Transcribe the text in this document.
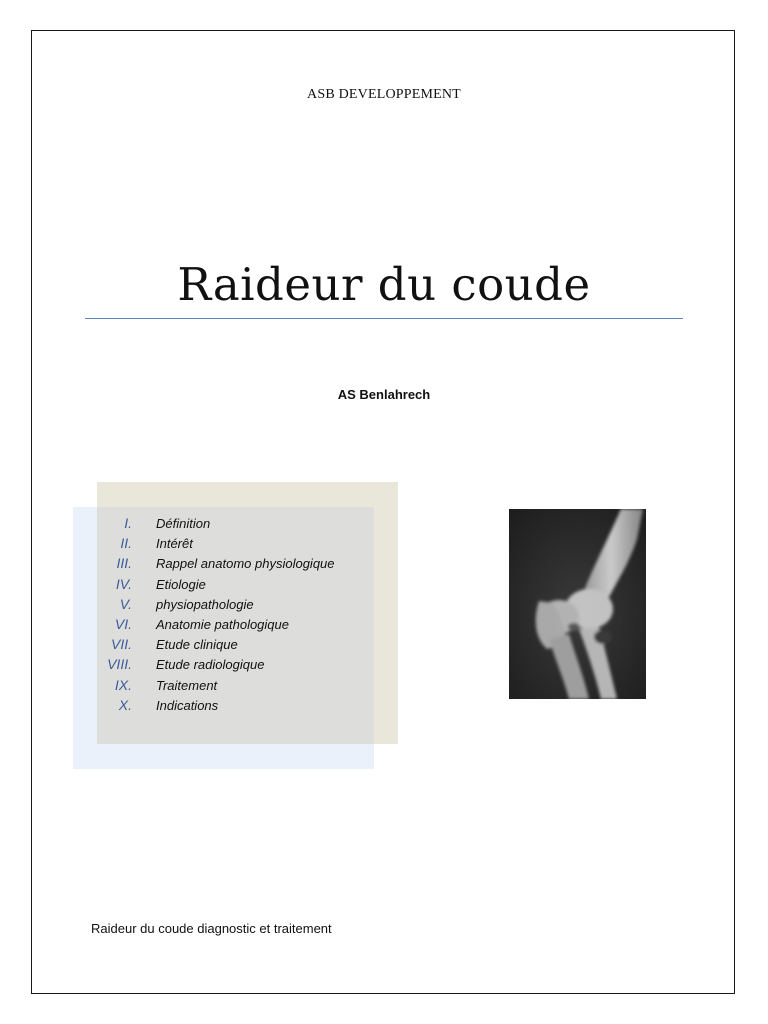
ASB DEVELOPPEMENT
Raideur du coude
AS Benlahrech
I.	Définition
II.	Intérêt
III.	Rappel anatomo physiologique
IV.	Etiologie
V.	physiopathologie
VI.	Anatomie pathologique
VII.	Etude clinique
VIII.	Etude radiologique
IX.	Traitement
X.	Indications
Raideur du coude diagnostic et traitement
